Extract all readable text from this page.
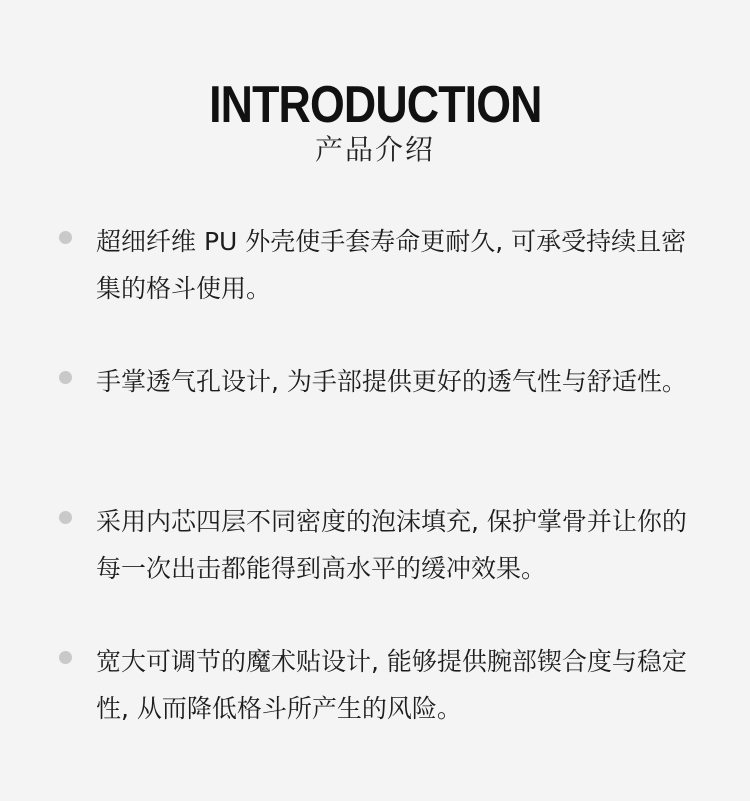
INTRODUCTION
产品介绍
超细纤维 PU 外壳使手套寿命更耐久, 可承受持续且密集的格斗使用。
手掌透气孔设计, 为手部提供更好的透气性与舒适性。
采用内芯四层不同密度的泡沫填充, 保护掌骨并让你的每一次出击都能得到高水平的缓冲效果。
宽大可调节的魔术贴设计, 能够提供腕部锲合度与稳定性, 从而降低格斗所产生的风险。
